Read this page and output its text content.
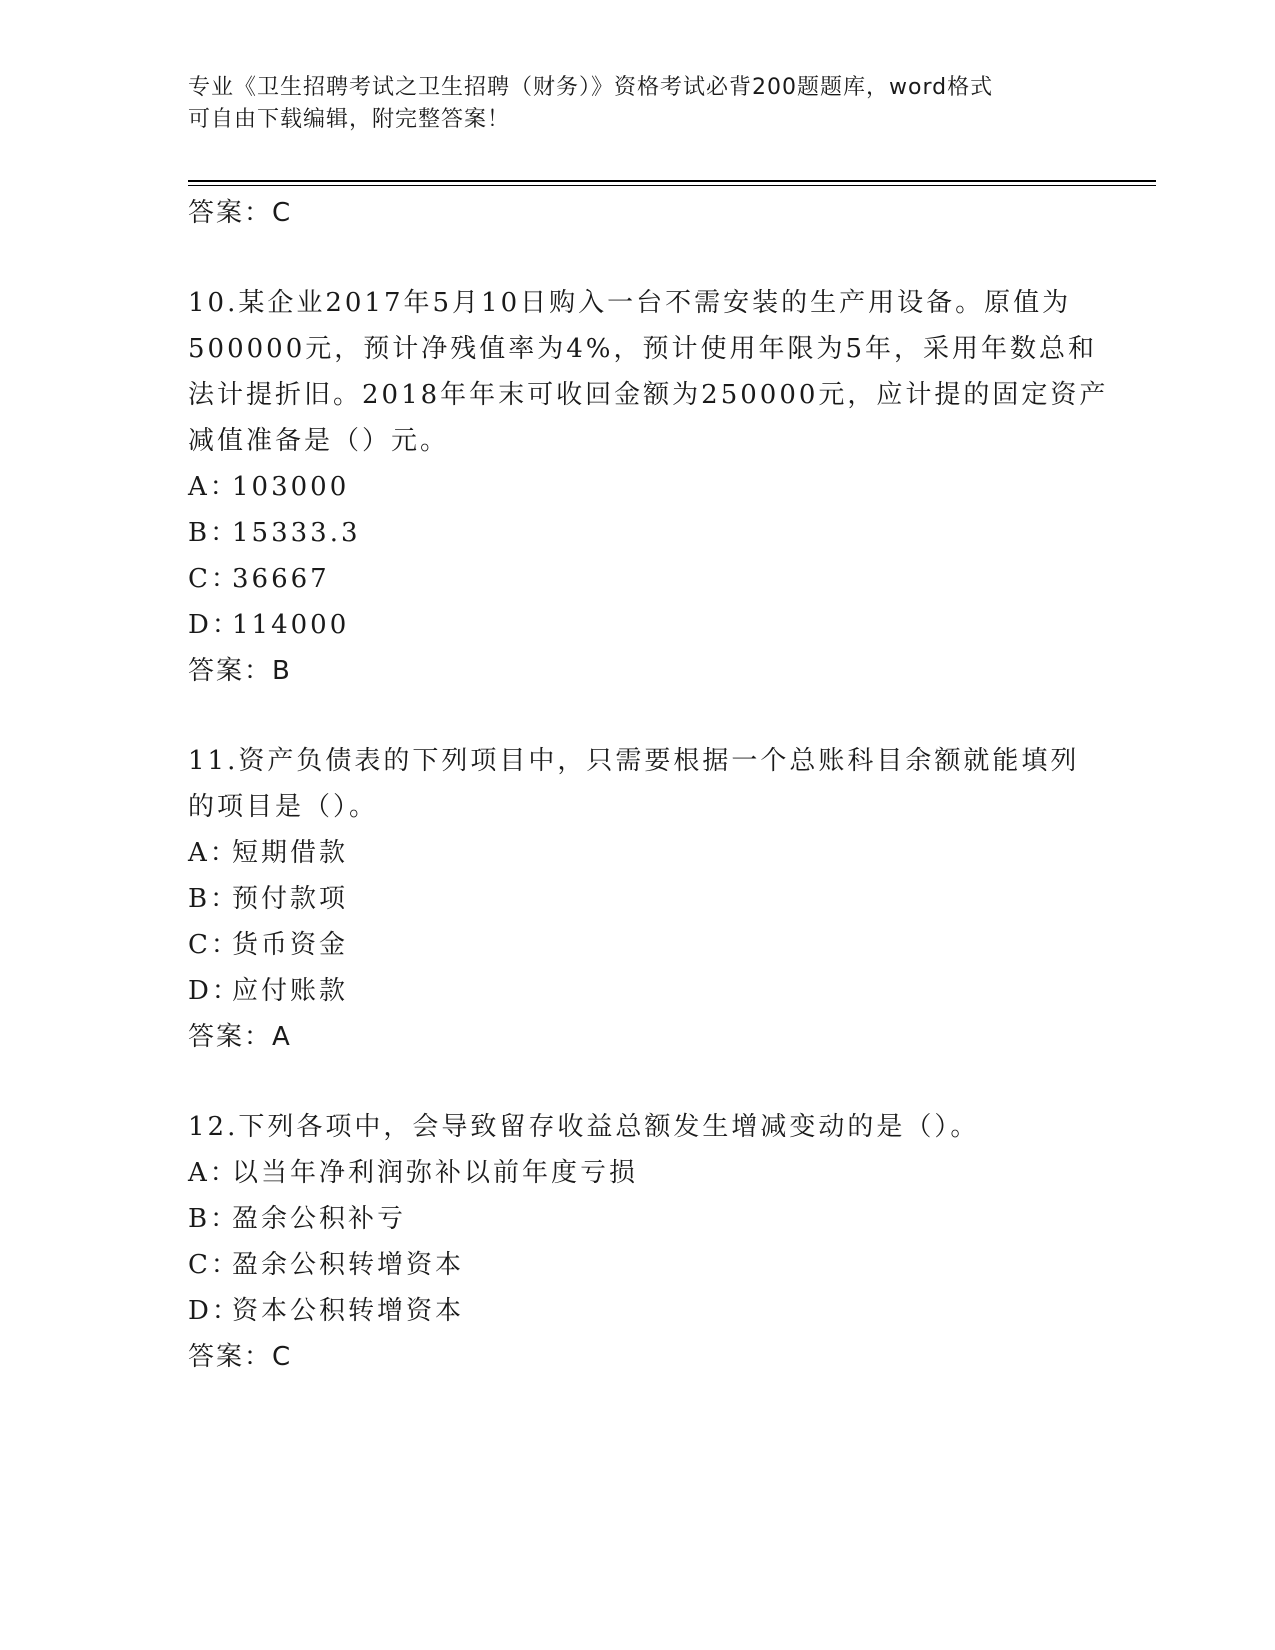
专业《卫生招聘考试之卫生招聘（财务）》资格考试必背200题题库，word格式
可自由下载编辑，附完整答案！
答案：C
10.某企业2017年5月10日购入一台不需安装的生产用设备。原值为
500000元，预计净残值率为4%，预计使用年限为5年，采用年数总和
法计提折旧。2018年年末可收回金额为250000元，应计提的固定资产
减值准备是（）元。
A：103000
B：15333.3
C：36667
D：114000
答案：B
11.资产负债表的下列项目中，只需要根据一个总账科目余额就能填列
的项目是（）。
A：短期借款
B：预付款项
C：货币资金
D：应付账款
答案：A
12.下列各项中，会导致留存收益总额发生增减变动的是（）。
A：以当年净利润弥补以前年度亏损
B：盈余公积补亏
C：盈余公积转增资本
D：资本公积转增资本
答案：C
